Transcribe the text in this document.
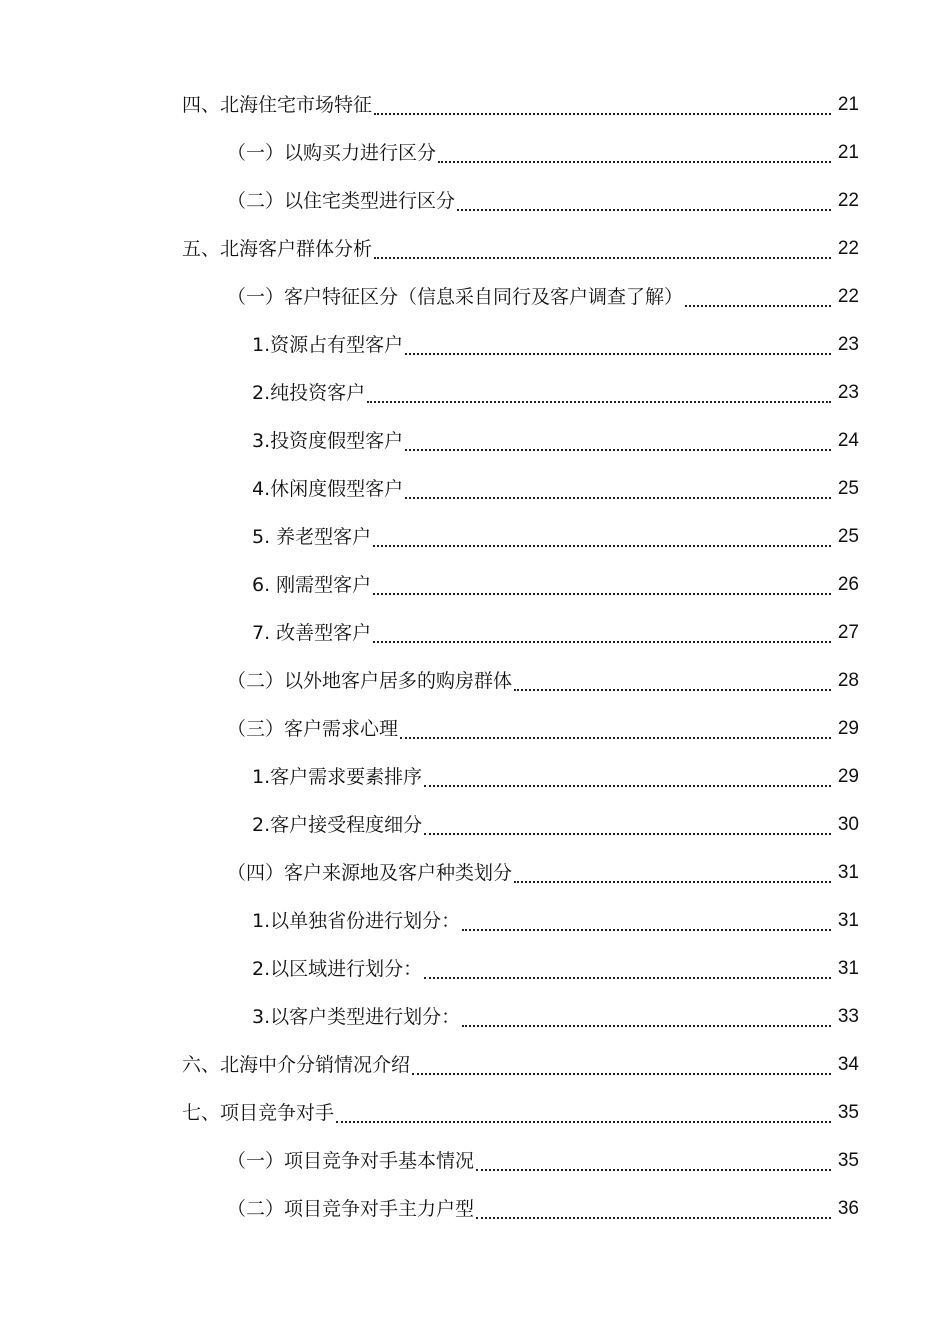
四、北海住宅市场特征	21
（一）以购买力进行区分	21
（二）以住宅类型进行区分	22
五、北海客户群体分析	22
（一）客户特征区分（信息采自同行及客户调查了解）	22
1.资源占有型客户	23
2.纯投资客户	23
3.投资度假型客户	24
4.休闲度假型客户	25
5. 养老型客户	25
6. 刚需型客户	26
7. 改善型客户	27
（二）以外地客户居多的购房群体	28
（三）客户需求心理	29
1.客户需求要素排序	29
2.客户接受程度细分	30
（四）客户来源地及客户种类划分	31
1.以单独省份进行划分：	31
2.以区域进行划分：	31
3.以客户类型进行划分：	33
六、北海中介分销情况介绍	34
七、项目竞争对手	35
（一）项目竞争对手基本情况	35
（二）项目竞争对手主力户型	36
